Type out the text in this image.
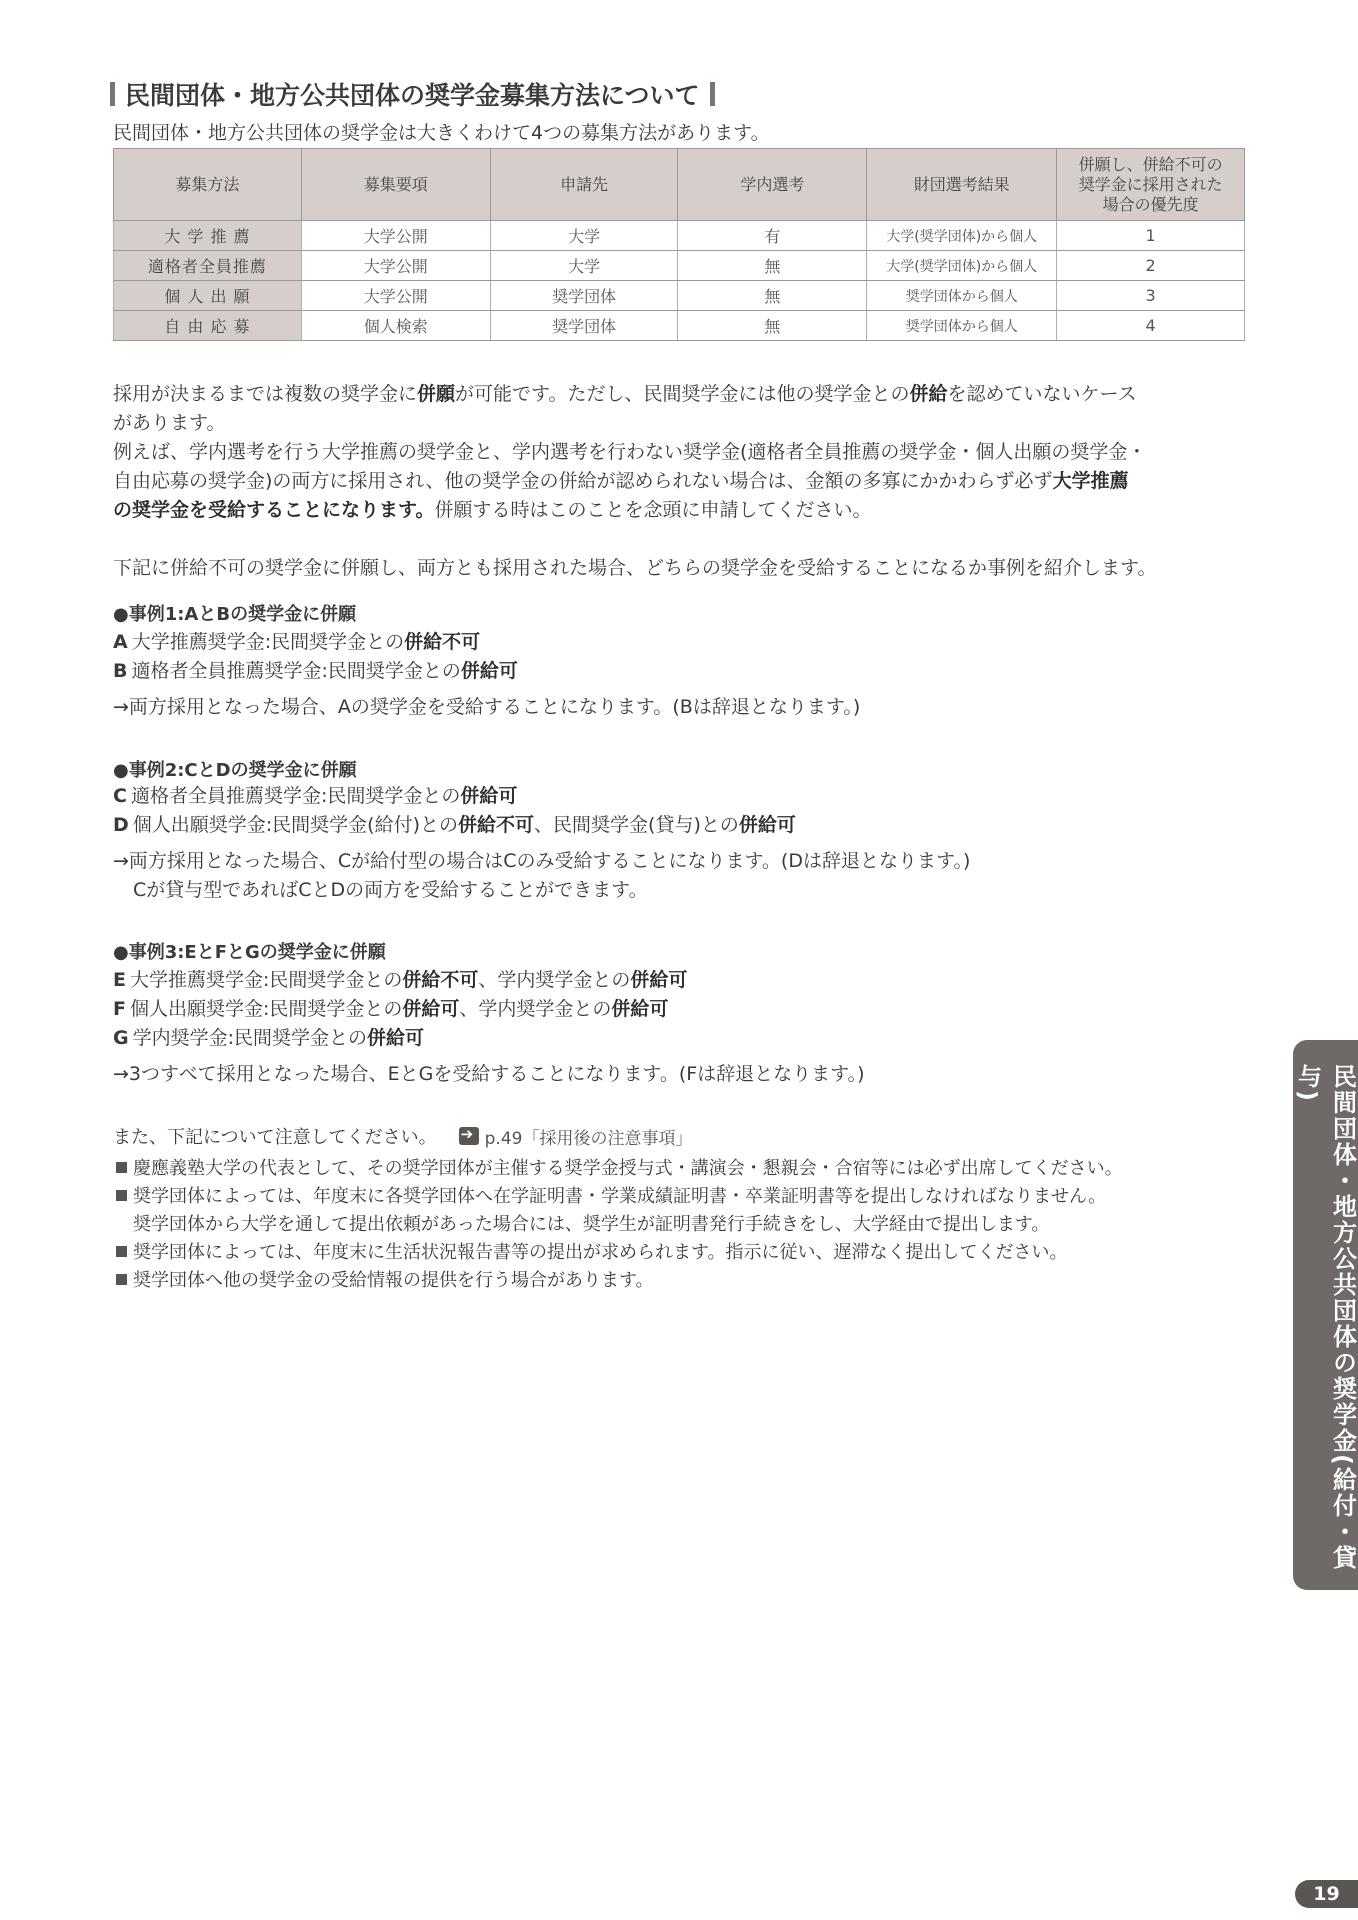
民間団体・地方公共団体の奨学金募集方法について
民間団体・地方公共団体の奨学金は大きくわけて4つの募集方法があります。
募集方法	募集要項	申請先	学内選考	財団選考結果	併願し、併給不可の
奨学金に採用された
場合の優先度
大 学 推 薦	大学公開	大学	有	大学(奨学団体)から個人	1
適格者全員推薦	大学公開	大学	無	大学(奨学団体)から個人	2
個 人 出 願	大学公開	奨学団体	無	奨学団体から個人	3
自 由 応 募	個人検索	奨学団体	無	奨学団体から個人	4
採用が決まるまでは複数の奨学金に併願が可能です。ただし、民間奨学金には他の奨学金との併給を認めていないケース
があります。
例えば、学内選考を行う大学推薦の奨学金と、学内選考を行わない奨学金(適格者全員推薦の奨学金・個人出願の奨学金・
自由応募の奨学金)の両方に採用され、他の奨学金の併給が認められない場合は、金額の多寡にかかわらず必ず大学推薦
の奨学金を受給することになります。併願する時はこのことを念頭に申請してください。
下記に併給不可の奨学金に併願し、両方とも採用された場合、どちらの奨学金を受給することになるか事例を紹介します。
●事例1:AとBの奨学金に併願
A 大学推薦奨学金:民間奨学金との併給不可
B 適格者全員推薦奨学金:民間奨学金との併給可
→両方採用となった場合、Aの奨学金を受給することになります。(Bは辞退となります。)
●事例2:CとDの奨学金に併願
C 適格者全員推薦奨学金:民間奨学金との併給可
D 個人出願奨学金:民間奨学金(給付)との併給不可、民間奨学金(貸与)との併給可
→両方採用となった場合、Cが給付型の場合はCのみ受給することになります。(Dは辞退となります。)
Cが貸与型であればCとDの両方を受給することができます。
●事例3:EとFとGの奨学金に併願
E 大学推薦奨学金:民間奨学金との併給不可、学内奨学金との併給可
F 個人出願奨学金:民間奨学金との併給可、学内奨学金との併給可
G 学内奨学金:民間奨学金との併給可
→3つすべて採用となった場合、EとGを受給することになります。(Fは辞退となります。)
また、下記について注意してください。 ➔	p.49「採用後の注意事項」
慶應義塾大学の代表として、その奨学団体が主催する奨学金授与式・講演会・懇親会・合宿等には必ず出席してください。
奨学団体によっては、年度末に各奨学団体へ在学証明書・学業成績証明書・卒業証明書等を提出しなければなりません。
奨学団体から大学を通して提出依頼があった場合には、奨学生が証明書発行手続きをし、大学経由で提出します。
奨学団体によっては、年度末に生活状況報告書等の提出が求められます。指示に従い、遅滞なく提出してください。
奨学団体へ他の奨学金の受給情報の提供を行う場合があります。	民間団体・地方公共団体の奨学金(給付・貸与)
19
